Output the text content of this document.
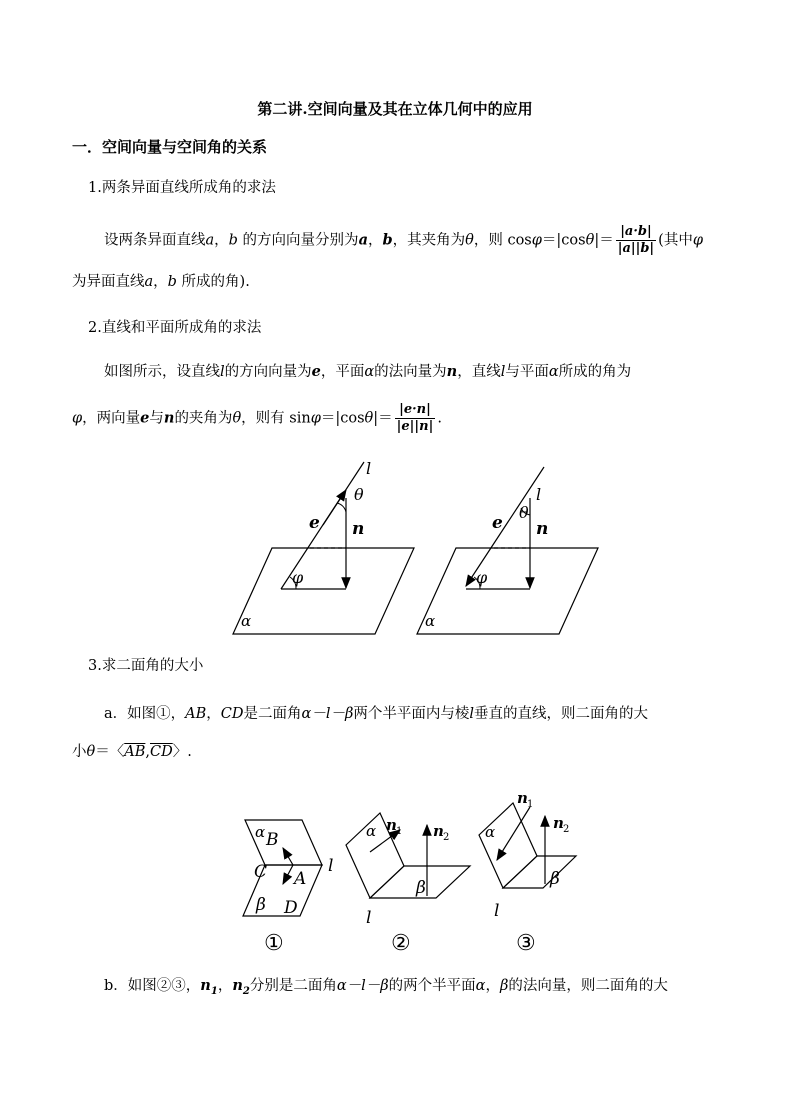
第二讲.空间向量及其在立体几何中的应用
一．空间向量与空间角的关系
1.两条异面直线所成角的求法
设两条异面直线a，b 的方向向量分别为a，b，其夹角为θ，则 $\cos\varphi=|\cos\theta|= \frac{|a\cdot b|}{|a||b|}$ (其中φ
为异面直线a，b 所成的角).
2.直线和平面所成角的求法
如图所示，设直线l的方向向量为e，平面α的法向量为n，直线l与平面α所成的角为
φ，两向量e与n的夹角为θ，则有 $\sin\varphi=|\cos\theta|= \frac{|e\cdot n|}{|e||n|}$ .
l
θ
e n
φ
α
l
θ
e n
φ
α
3.求二面角的大小
a．如图①，AB，CD是二面角α－l－β两个半平面内与棱l垂直的直线，则二面角的大
小θ＝〈$\overline{AB},\overline{CD}$〉.
α B
C A
l
β D
①
α n 1 n 2
β
l
②
α
n 1
n 2
β
l
③
b．如图②③，$n_1$，$n_2$分别是二面角α－l－β的两个半平面α，β的法向量，则二面角的大
